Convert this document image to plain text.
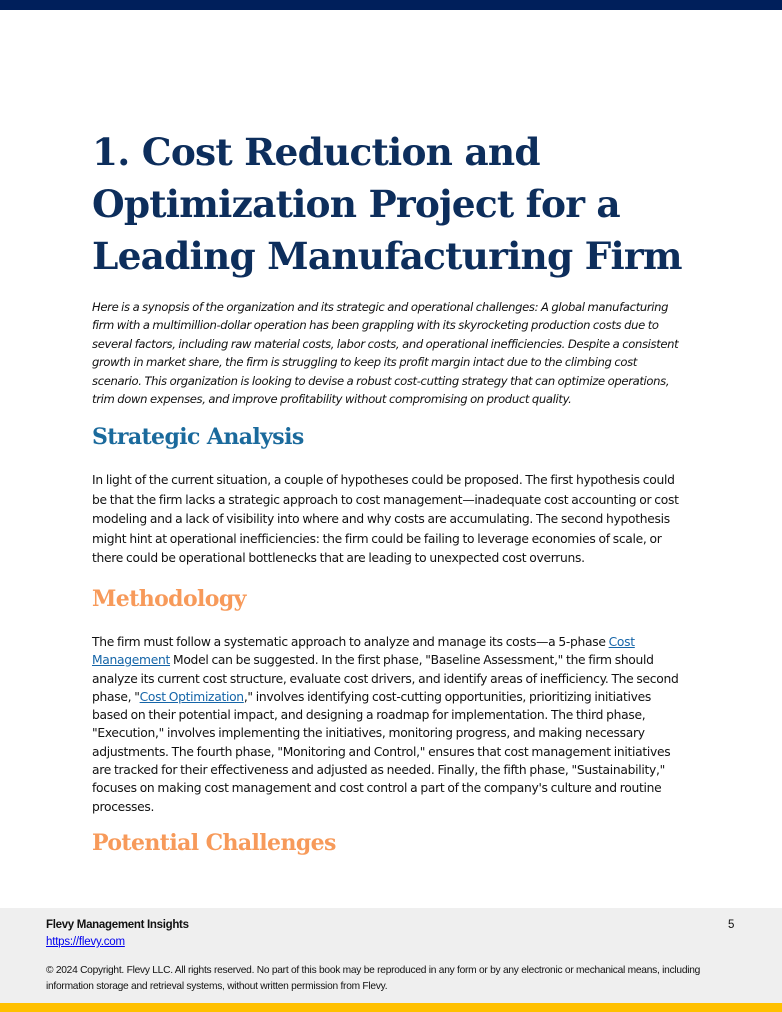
1. Cost Reduction and Optimization Project for a Leading Manufacturing Firm

Here is a synopsis of the organization and its strategic and operational challenges: A global manufacturing firm with a multimillion-dollar operation has been grappling with its skyrocketing production costs due to several factors, including raw material costs, labor costs, and operational inefficiencies. Despite a consistent growth in market share, the firm is struggling to keep its profit margin intact due to the climbing cost scenario. This organization is looking to devise a robust cost-cutting strategy that can optimize operations, trim down expenses, and improve profitability without compromising on product quality.

Strategic Analysis

In light of the current situation, a couple of hypotheses could be proposed. The first hypothesis could be that the firm lacks a strategic approach to cost management—inadequate cost accounting or cost modeling and a lack of visibility into where and why costs are accumulating. The second hypothesis might hint at operational inefficiencies: the firm could be failing to leverage economies of scale, or there could be operational bottlenecks that are leading to unexpected cost overruns.

Methodology

The firm must follow a systematic approach to analyze and manage its costs—a 5-phase Cost Management Model can be suggested. In the first phase, "Baseline Assessment," the firm should analyze its current cost structure, evaluate cost drivers, and identify areas of inefficiency. The second phase, "Cost Optimization," involves identifying cost-cutting opportunities, prioritizing initiatives based on their potential impact, and designing a roadmap for implementation. The third phase, "Execution," involves implementing the initiatives, monitoring progress, and making necessary adjustments. The fourth phase, "Monitoring and Control," ensures that cost management initiatives are tracked for their effectiveness and adjusted as needed. Finally, the fifth phase, "Sustainability," focuses on making cost management and cost control a part of the company's culture and routine processes.

Potential Challenges
Flevy Management Insights
https://flevy.com
5
© 2024 Copyright. Flevy LLC. All rights reserved. No part of this book may be reproduced in any form or by any electronic or mechanical means, including information storage and retrieval systems, without written permission from Flevy.
